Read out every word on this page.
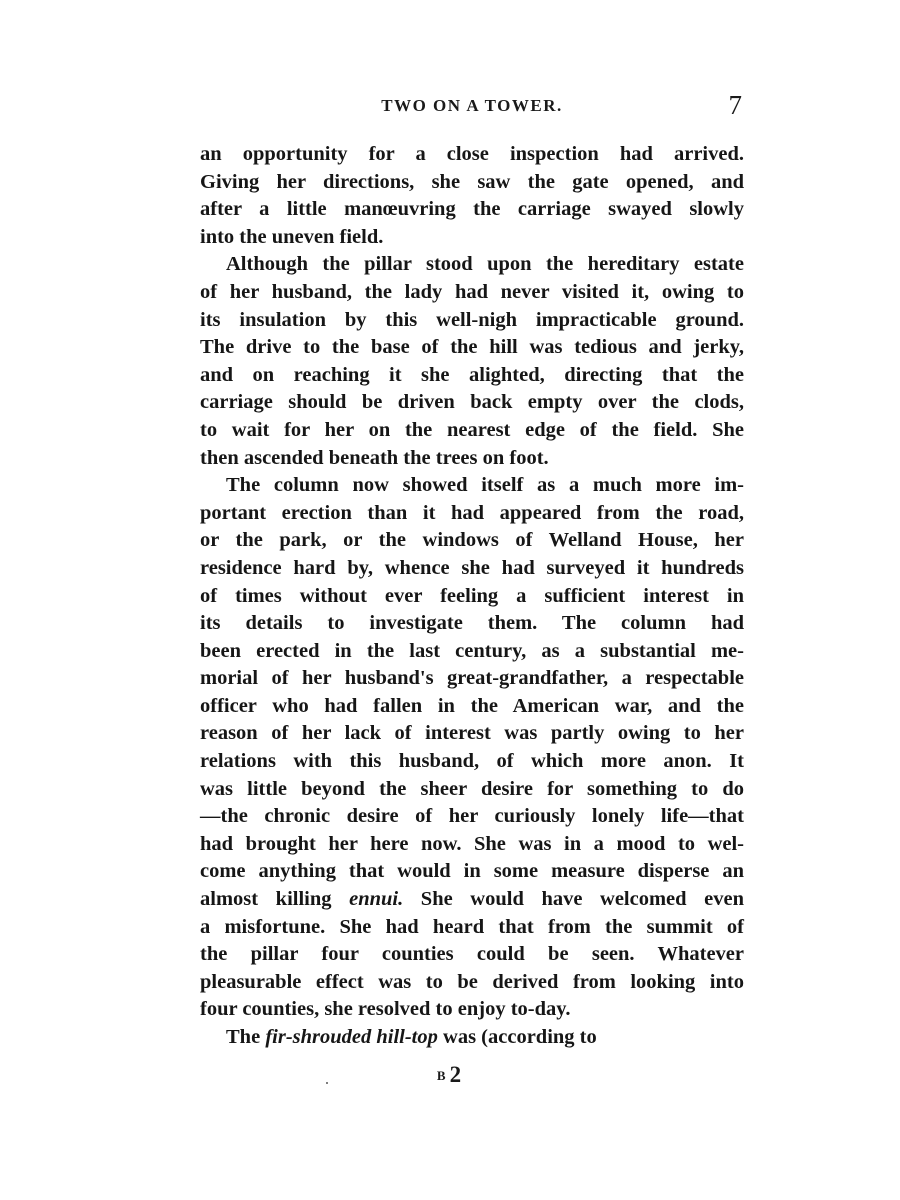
TWO ON A TOWER.	7

an opportunity for a close inspection had arrived.
Giving her directions, she saw the gate opened, and
after a little manœuvring the carriage swayed slowly
into the uneven field.

Although the pillar stood upon the hereditary estate
of her husband, the lady had never visited it, owing to
its insulation by this well-nigh impracticable ground.
The drive to the base of the hill was tedious and jerky,
and on reaching it she alighted, directing that the
carriage should be driven back empty over the clods,
to wait for her on the nearest edge of the field. She
then ascended beneath the trees on foot.

The column now showed itself as a much more im-
portant erection than it had appeared from the road,
or the park, or the windows of Welland House, her
residence hard by, whence she had surveyed it hundreds
of times without ever feeling a sufficient interest in
its details to investigate them. The column had
been erected in the last century, as a substantial me-
morial of her husband's great-grandfather, a respectable
officer who had fallen in the American war, and the
reason of her lack of interest was partly owing to her
relations with this husband, of which more anon. It
was little beyond the sheer desire for something to do
—the chronic desire of her curiously lonely life—that
had brought her here now. She was in a mood to wel-
come anything that would in some measure disperse an
almost killing ennui. She would have welcomed even
a misfortune. She had heard that from the summit of
the pillar four counties could be seen. Whatever
pleasurable effect was to be derived from looking into
four counties, she resolved to enjoy to-day.

The fir-shrouded hill-top was (according to

B2
